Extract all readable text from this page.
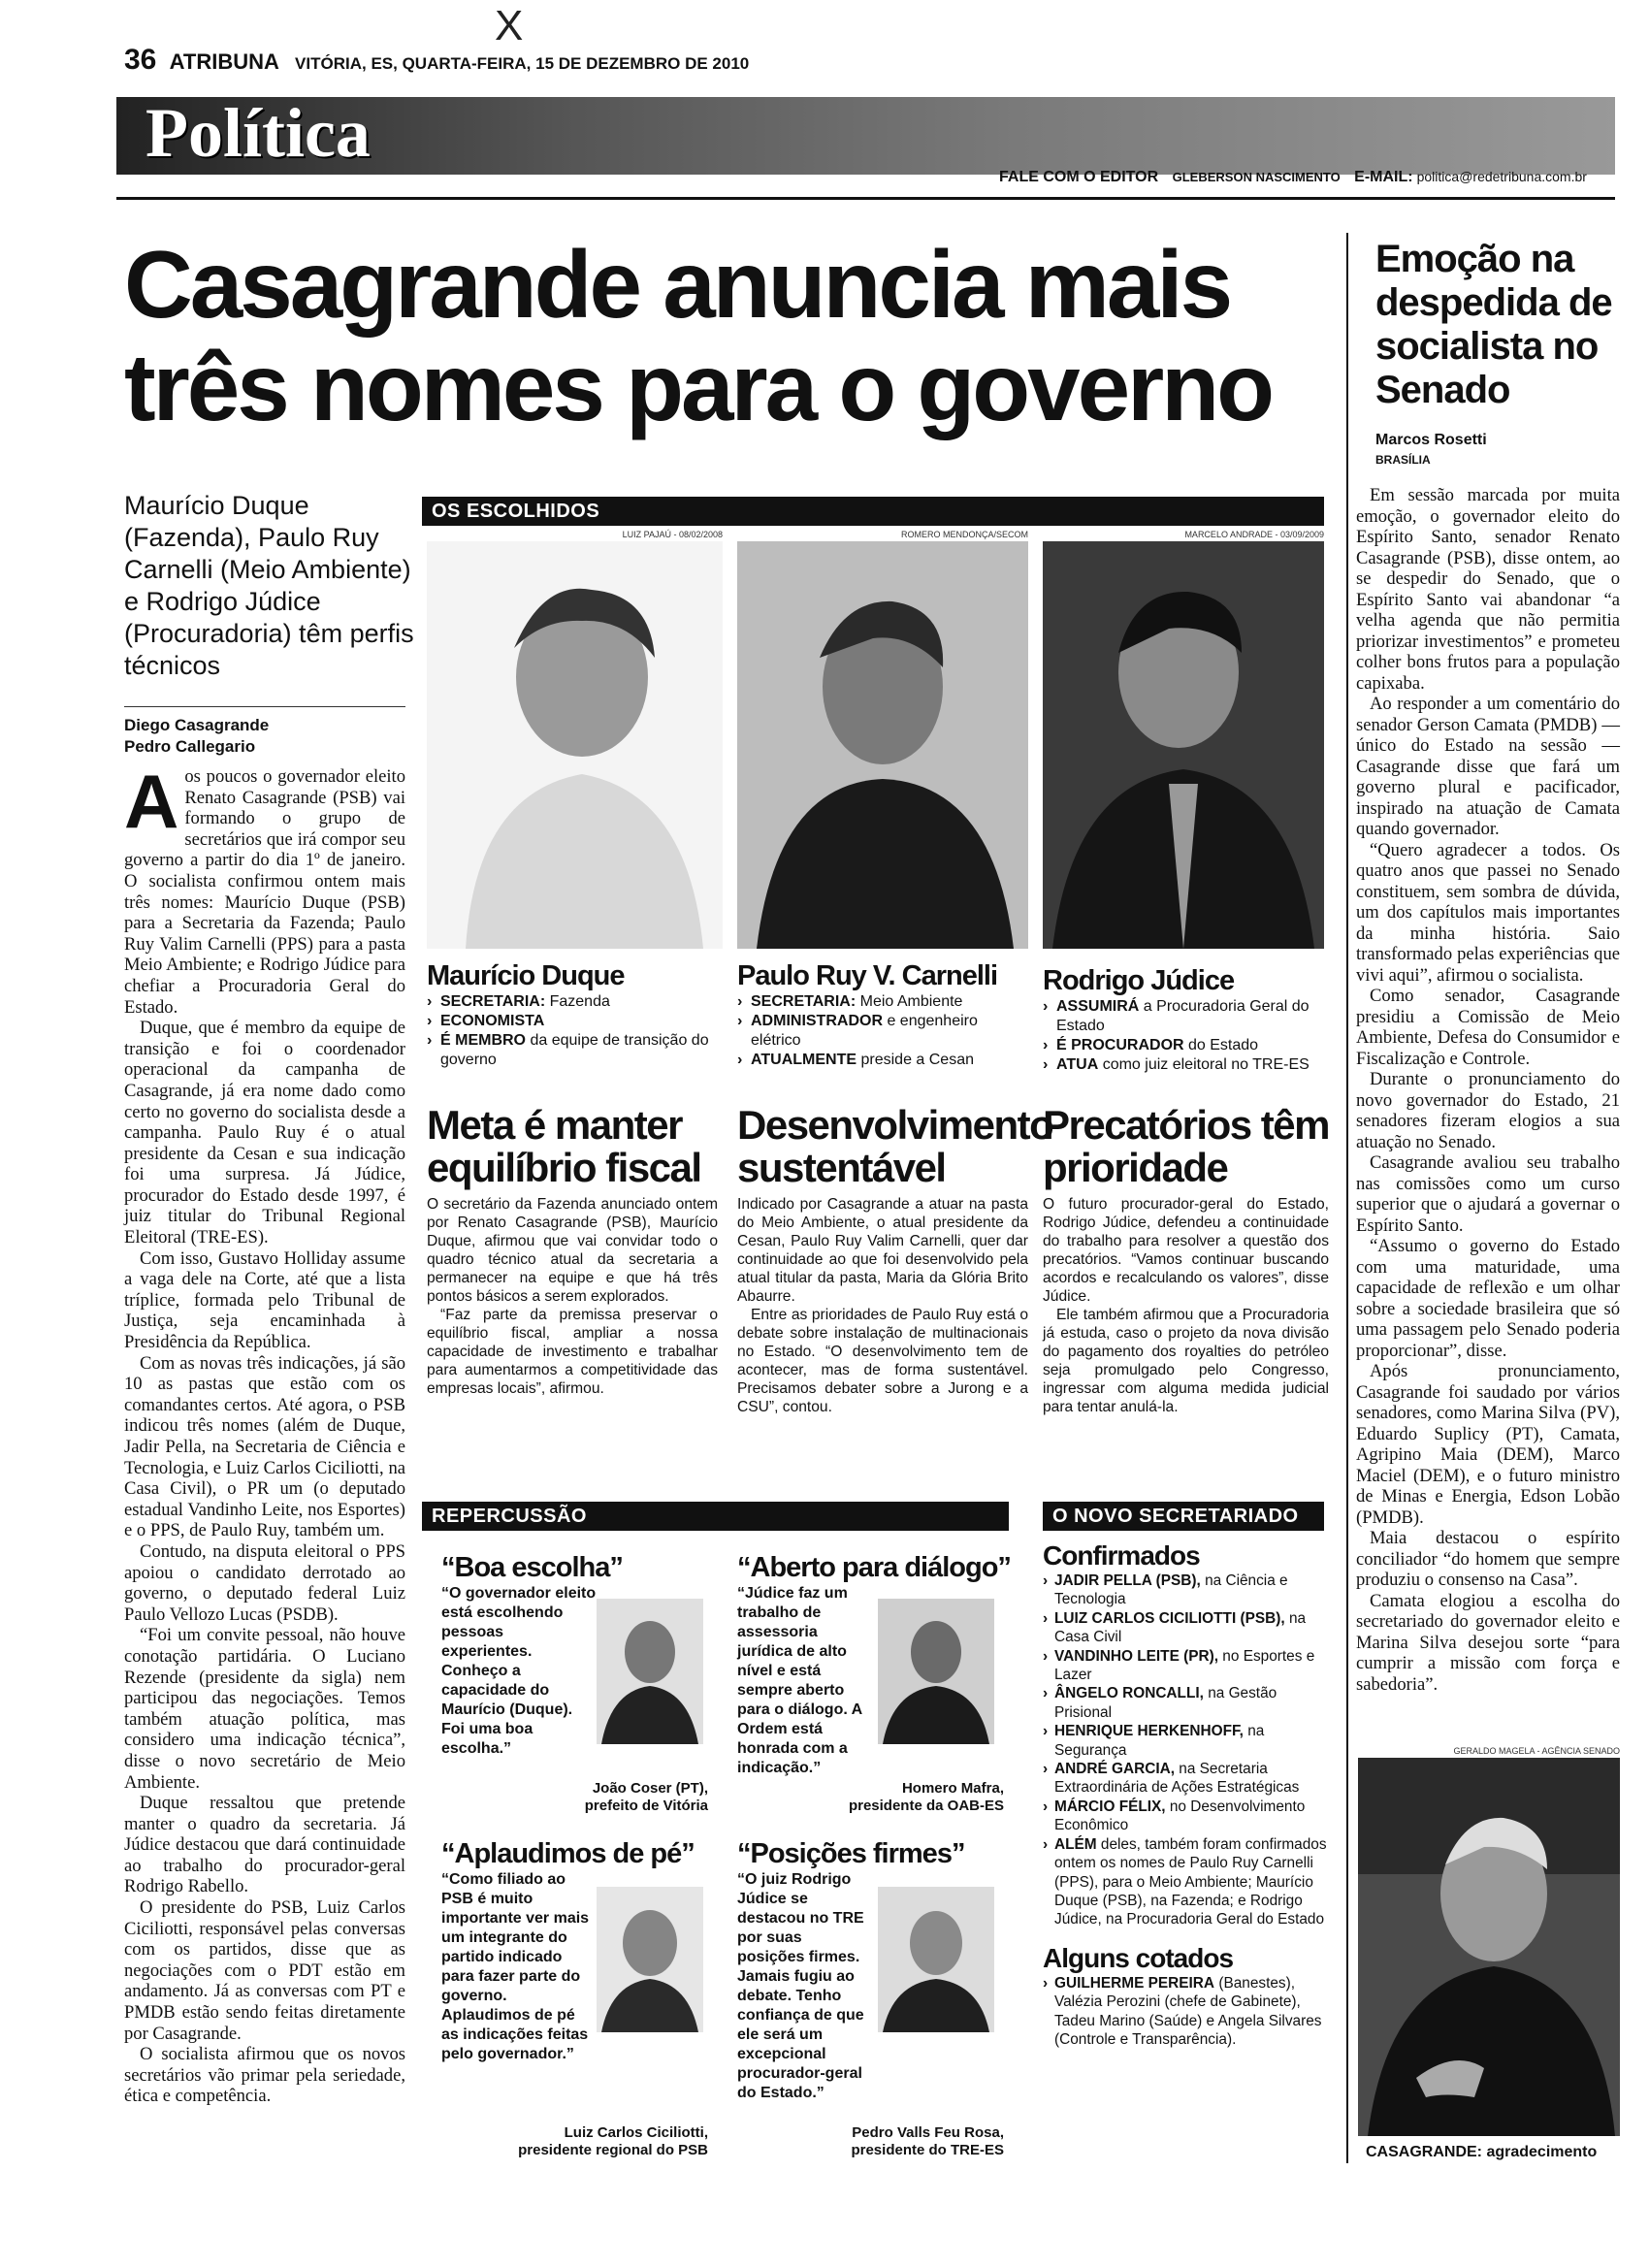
36 ATRIBUNA VITÓRIA, ES, QUARTA-FEIRA, 15 DE DEZEMBRO DE 2010
X
Política
FALE COM O EDITOR GLEBERSON NASCIMENTO E-MAIL: politica@redetribuna.com.br
Casagrande anuncia mais
três nomes para o governo
Maurício Duque (Fazenda), Paulo Ruy Carnelli (Meio Ambiente) e Rodrigo Júdice (Procuradoria) têm perfis técnicos
Diego Casagrande
Pedro Callegario

Aos poucos o governador eleito Renato Casagrande (PSB) vai formando o grupo de secretários que irá compor seu governo a partir do dia 1º de janeiro. O socialista confirmou ontem mais três nomes: Maurício Duque (PSB) para a Secretaria da Fazenda; Paulo Ruy Valim Carnelli (PPS) para a pasta Meio Ambiente; e Rodrigo Júdice para chefiar a Procuradoria Geral do Estado.

Duque, que é membro da equipe de transição e foi o coordenador operacional da campanha de Casagrande, já era nome dado como certo no governo do socialista desde a campanha. Paulo Ruy é o atual presidente da Cesan e sua indicação foi uma surpresa. Já Júdice, procurador do Estado desde 1997, é juiz titular do Tribunal Regional Eleitoral (TRE-ES).

Com isso, Gustavo Holliday assume a vaga dele na Corte, até que a lista tríplice, formada pelo Tribunal de Justiça, seja encaminhada à Presidência da República.

Com as novas três indicações, já são 10 as pastas que estão com os comandantes certos. Até agora, o PSB indicou três nomes (além de Duque, Jadir Pella, na Secretaria de Ciência e Tecnologia, e Luiz Carlos Ciciliotti, na Casa Civil), o PR um (o deputado estadual Vandinho Leite, nos Esportes) e o PPS, de Paulo Ruy, também um.

Contudo, na disputa eleitoral o PPS apoiou o candidato derrotado ao governo, o deputado federal Luiz Paulo Vellozo Lucas (PSDB).

“Foi um convite pessoal, não houve conotação partidária. O Luciano Rezende (presidente da sigla) nem participou das negociações. Temos também atuação política, mas considero uma indicação técnica”, disse o novo secretário de Meio Ambiente.

Duque ressaltou que pretende manter o quadro da secretaria. Já Júdice destacou que dará continuidade ao trabalho do procurador-geral Rodrigo Rabello.

O presidente do PSB, Luiz Carlos Ciciliotti, responsável pelas conversas com os partidos, disse que as negociações com o PDT estão em andamento. Já as conversas com PT e PMDB estão sendo feitas diretamente por Casagrande.

O socialista afirmou que os novos secretários vão primar pela seriedade, ética e competência.

OS ESCOLHIDOS
LUIZ PAJAÚ - 08/02/2008	ROMERO MENDONÇA/SECOM	MARCELO ANDRADE - 03/09/2009
Maurício Duque
› SECRETARIA: Fazenda
› ECONOMISTA
› É MEMBRO da equipe de transição do governo
Paulo Ruy V. Carnelli
› SECRETARIA: Meio Ambiente
› ADMINISTRADOR e engenheiro elétrico
› ATUALMENTE preside a Cesan
Rodrigo Júdice
› ASSUMIRÁ a Procuradoria Geral do Estado
› É PROCURADOR do Estado
› ATUA como juiz eleitoral no TRE-ES
Meta é manter equilíbrio fiscal

O secretário da Fazenda anunciado ontem por Renato Casagrande (PSB), Maurício Duque, afirmou que vai convidar todo o quadro técnico atual da secretaria a permanecer na equipe e que há três pontos básicos a serem explorados.

“Faz parte da premissa preservar o equilíbrio fiscal, ampliar a nossa capacidade de investimento e trabalhar para aumentarmos a competitividade das empresas locais”, afirmou.

Desenvolvimento sustentável

Indicado por Casagrande a atuar na pasta do Meio Ambiente, o atual presidente da Cesan, Paulo Ruy Valim Carnelli, quer dar continuidade ao que foi desenvolvido pela atual titular da pasta, Maria da Glória Brito Abaurre.

Entre as prioridades de Paulo Ruy está o debate sobre instalação de multinacionais no Estado. “O desenvolvimento tem de acontecer, mas de forma sustentável. Precisamos debater sobre a Jurong e a CSU”, contou.

Precatórios têm prioridade

O futuro procurador-geral do Estado, Rodrigo Júdice, defendeu a continuidade do trabalho para resolver a questão dos precatórios. “Vamos continuar buscando acordos e recalculando os valores”, disse Júdice.

Ele também afirmou que a Procuradoria já estuda, caso o projeto da nova divisão do pagamento dos royalties do petróleo seja promulgado pelo Congresso, ingressar com alguma medida judicial para tentar anulá-la.

REPERCUSSÃO
“Boa escolha”
“O governador eleito está escolhendo pessoas experientes. Conheço a capacidade do Maurício (Duque). Foi uma boa escolha.”
João Coser (PT),
prefeito de Vitória
“Aberto para diálogo”
“Júdice faz um trabalho de assessoria jurídica de alto nível e está sempre aberto para o diálogo. A Ordem está honrada com a indicação.”
Homero Mafra,
presidente da OAB-ES
“Aplaudimos de pé”
“Como filiado ao PSB é muito importante ver mais um integrante do partido indicado para fazer parte do governo. Aplaudimos de pé as indicações feitas pelo governador.”
Luiz Carlos Ciciliotti,
presidente regional do PSB
“Posições firmes”
“O juiz Rodrigo Júdice se destacou no TRE por suas posições firmes. Jamais fugiu ao debate. Tenho confiança de que ele será um excepcional procurador-geral do Estado.”
Pedro Valls Feu Rosa,
presidente do TRE-ES
O NOVO SECRETARIADO
Confirmados
› JADIR PELLA (PSB), na Ciência e Tecnologia
› LUIZ CARLOS CICILIOTTI (PSB), na Casa Civil
› VANDINHO LEITE (PR), no Esportes e Lazer
› ÂNGELO RONCALLI, na Gestão Prisional
› HENRIQUE HERKENHOFF, na Segurança
› ANDRÉ GARCIA, na Secretaria Extraordinária de Ações Estratégicas
› MÁRCIO FÉLIX, no Desenvolvimento Econômico
› ALÉM deles, também foram confirmados ontem os nomes de Paulo Ruy Carnelli (PPS), para o Meio Ambiente; Maurício Duque (PSB), na Fazenda; e Rodrigo Júdice, na Procuradoria Geral do Estado
Alguns cotados
› GUILHERME PEREIRA (Banestes), Valézia Perozini (chefe de Gabinete), Tadeu Marino (Saúde) e Angela Silvares (Controle e Transparência).
Emoção na despedida de socialista no Senado
Marcos Rosetti
BRASÍLIA

Em sessão marcada por muita emoção, o governador eleito do Espírito Santo, senador Renato Casagrande (PSB), disse ontem, ao se despedir do Senado, que o Espírito Santo vai abandonar “a velha agenda que não permitia priorizar investimentos” e prometeu colher bons frutos para a população capixaba.

Ao responder a um comentário do senador Gerson Camata (PMDB) — único do Estado na sessão — Casagrande disse que fará um governo plural e pacificador, inspirado na atuação de Camata quando governador.

“Quero agradecer a todos. Os quatro anos que passei no Senado constituem, sem sombra de dúvida, um dos capítulos mais importantes da minha história. Saio transformado pelas experiências que vivi aqui”, afirmou o socialista.

Como senador, Casagrande presidiu a Comissão de Meio Ambiente, Defesa do Consumidor e Fiscalização e Controle.

Durante o pronunciamento do novo governador do Estado, 21 senadores fizeram elogios a sua atuação no Senado.

Casagrande avaliou seu trabalho nas comissões como um curso superior que o ajudará a governar o Espírito Santo.

“Assumo o governo do Estado com uma maturidade, uma capacidade de reflexão e um olhar sobre a sociedade brasileira que só uma passagem pelo Senado poderia proporcionar”, disse.

Após pronunciamento, Casagrande foi saudado por vários senadores, como Marina Silva (PV), Eduardo Suplicy (PT), Camata, Agripino Maia (DEM), Marco Maciel (DEM), e o futuro ministro de Minas e Energia, Edson Lobão (PMDB).

Maia destacou o espírito conciliador “do homem que sempre produziu o consenso na Casa”.

Camata elogiou a escolha do secretariado do governador eleito e Marina Silva desejou sorte “para cumprir a missão com força e sabedoria”.

GERALDO MAGELA - AGÊNCIA SENADO
CASAGRANDE: agradecimento
